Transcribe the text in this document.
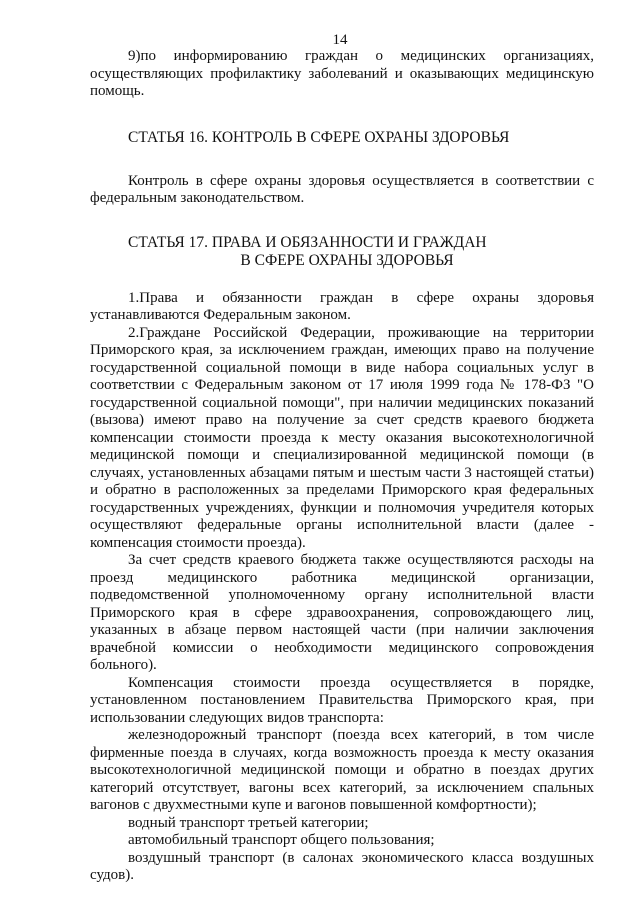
14

9)по информированию граждан о медицинских организациях, осуществляющих профилактику заболеваний и оказывающих медицинскую помощь.

СТАТЬЯ 16. КОНТРОЛЬ В СФЕРЕ ОХРАНЫ ЗДОРОВЬЯ

Контроль в сфере охраны здоровья осуществляется в соответствии с федеральным законодательством.

СТАТЬЯ 17. ПРАВА И ОБЯЗАННОСТИ И ГРАЖДАН

В СФЕРЕ ОХРАНЫ ЗДОРОВЬЯ

1.Права и обязанности граждан в сфере охраны здоровья устанавливаются Федеральным законом.

2.Граждане Российской Федерации, проживающие на территории Приморского края, за исключением граждан, имеющих право на получение государственной социальной помощи в виде набора социальных услуг в соответствии с Федеральным законом от 17 июля 1999 года № 178-ФЗ "О государственной социальной помощи", при наличии медицинских показаний (вызова) имеют право на получение за счет средств краевого бюджета компенсации стоимости проезда к месту оказания высокотехнологичной медицинской помощи и специализированной медицинской помощи (в случаях, установленных абзацами пятым и шестым части 3 настоящей статьи) и обратно в расположенных за пределами Приморского края федеральных государственных учреждениях, функции и полномочия учредителя которых осуществляют федеральные органы исполнительной власти (далее - компенсация стоимости проезда).

За счет средств краевого бюджета также осуществляются расходы на проезд медицинского работника медицинской организации, подведомственной уполномоченному органу исполнительной власти Приморского края в сфере здравоохранения, сопровождающего лиц, указанных в абзаце первом настоящей части (при наличии заключения врачебной комиссии о необходимости медицинского сопровождения больного).

Компенсация стоимости проезда осуществляется в порядке, установленном постановлением Правительства Приморского края, при использовании следующих видов транспорта:

железнодорожный транспорт (поезда всех категорий, в том числе фирменные поезда в случаях, когда возможность проезда к месту оказания высокотехнологичной медицинской помощи и обратно в поездах других категорий отсутствует, вагоны всех категорий, за исключением спальных вагонов с двухместными купе и вагонов повышенной комфортности);

водный транспорт третьей категории;

автомобильный транспорт общего пользования;

воздушный транспорт (в салонах экономического класса воздушных судов).
